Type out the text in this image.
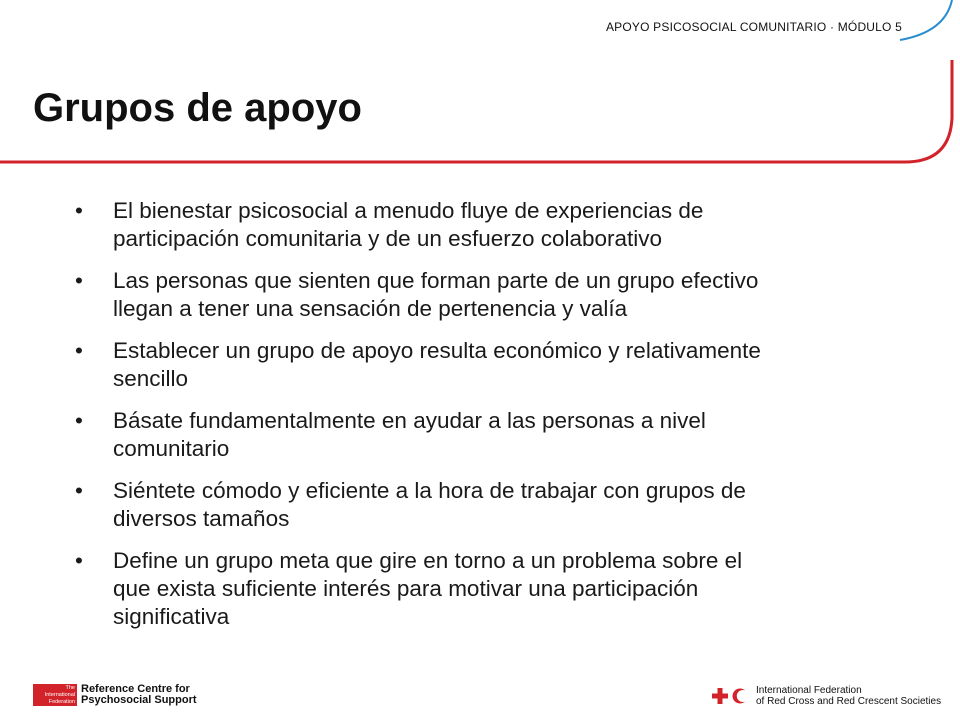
APOYO PSICOSOCIAL COMUNITARIO · MÓDULO 5
Grupos de apoyo
• El bienestar psicosocial a menudo fluye de experiencias de
participación comunitaria y de un esfuerzo colaborativo
• Las personas que sienten que forman parte de un grupo efectivo
llegan a tener una sensación de pertenencia y valía
• Establecer un grupo de apoyo resulta económico y relativamente
sencillo
• Básate fundamentalmente en ayudar a las personas a nivel
comunitario
• Siéntete cómodo y eficiente a la hora de trabajar con grupos de
diversos tamaños
• Define un grupo meta que gire en torno a un problema sobre el
que exista suficiente interés para motivar una participación
significativa
The
International
Federation
Reference Centre for
Psychosocial Support
International Federation
of Red Cross and Red Crescent Societies
